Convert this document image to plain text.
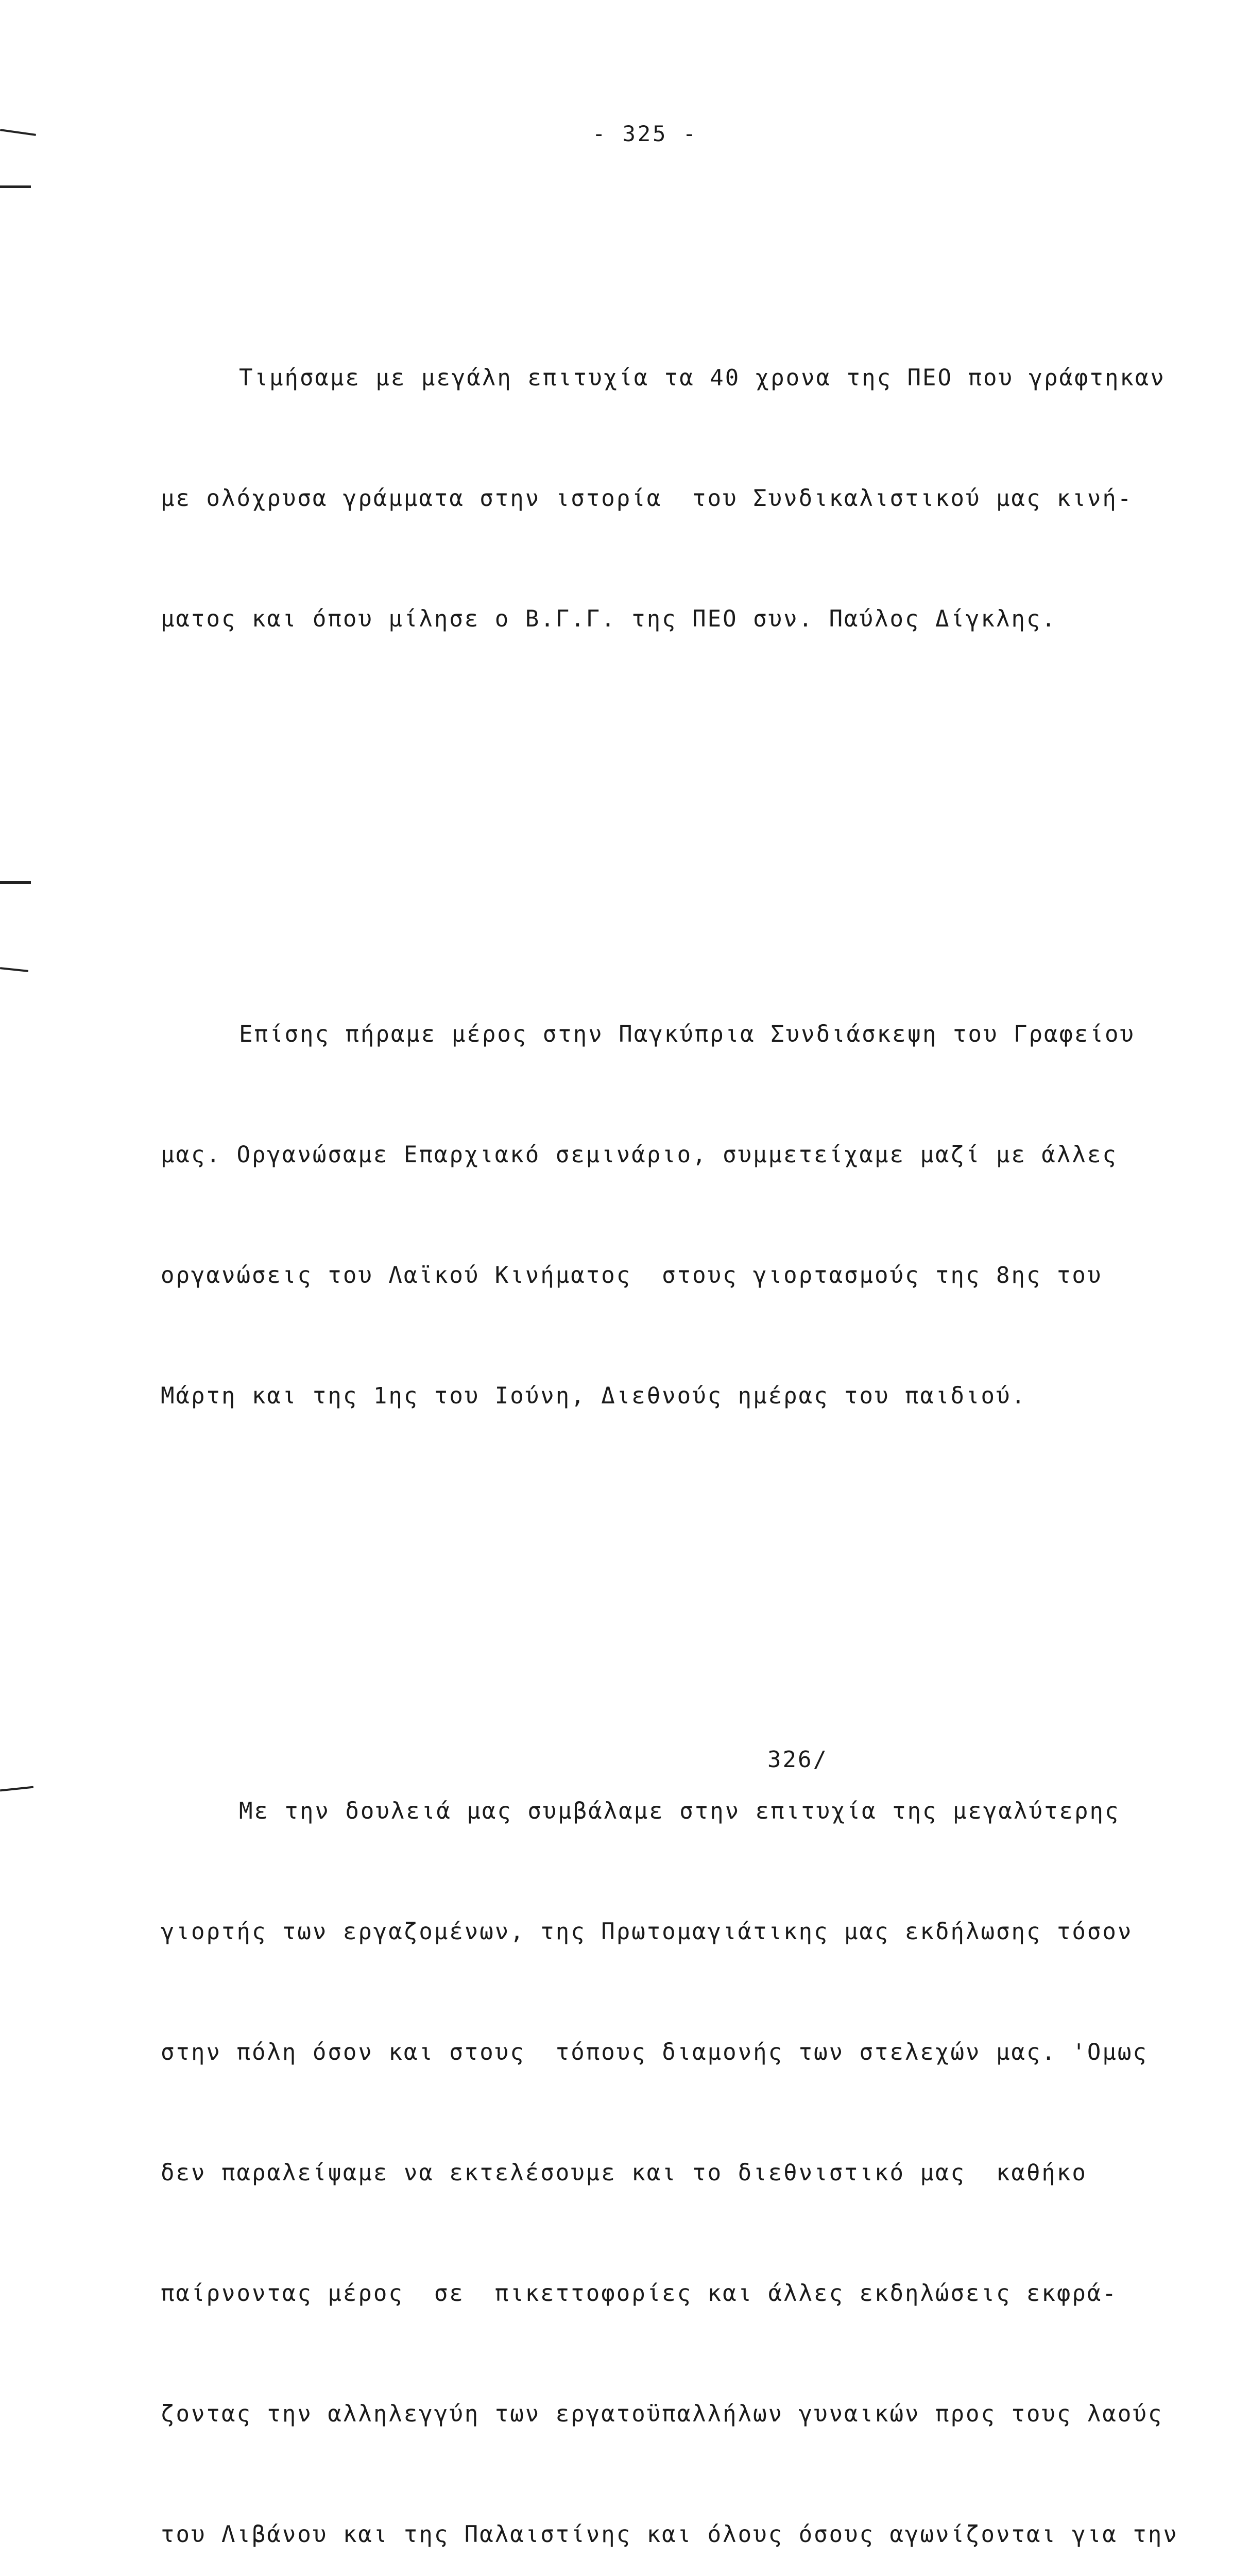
- 325 -

Τιμήσαμε με μεγάλη επιτυχία τα 40 χρονα της ΠΕΟ που γράφτηκαν

με ολόχρυσα γράμματα στην ιστορία  του Συνδικαλιστικού μας κινή-

ματος και όπου μίλησε ο Β.Γ.Γ. της ΠΕΟ συν. Παύλος Δίγκλης.

Επίσης πήραμε μέρος στην Παγκύπρια Συνδιάσκεψη του Γραφείου

μας. Οργανώσαμε Επαρχιακό σεμινάριο, συμμετείχαμε μαζί με άλλες

οργανώσεις του Λαϊκού Κινήματος  στους γιορτασμούς της 8ης του

Μάρτη και της 1ης του Ιούνη, Διεθνούς ημέρας του παιδιού.

Με την δουλειά μας συμβάλαμε στην επιτυχία της μεγαλύτερης

γιορτής των εργαζομένων, της Πρωτομαγιάτικης μας εκδήλωσης τόσον

στην πόλη όσον και στους  τόπους διαμονής των στελεχών μας. 'Ομως

δεν παραλείψαμε να εκτελέσουμε και το διεθνιστικό μας  καθήκο

παίρνοντας μέρος  σε  πικεττοφορίες και άλλες εκδηλώσεις εκφρά-

ζοντας την αλληλεγγύη των εργατοϋπαλλήλων γυναικών προς τους λαούς

του Λιβάνου και της Παλαιστίνης και όλους όσους αγωνίζονται για την

326/
